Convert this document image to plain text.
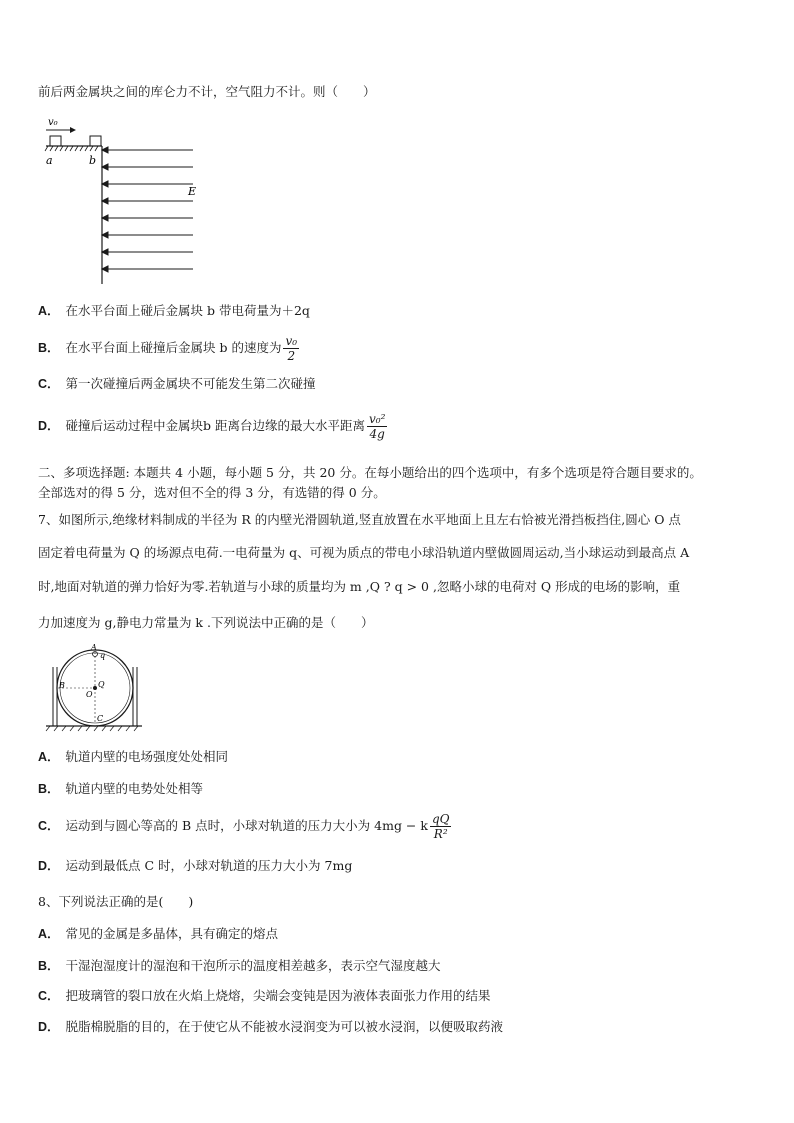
前后两金属块之间的库仑力不计，空气阻力不计。则（　　）
v₀
a	b
E
A． 在水平台面上碰后金属块 b 带电荷量为＋2q
B． 在水平台面上碰撞后金属块 b 的速度为 $\frac{\text{v₀}}{2}$
C． 第一次碰撞后两金属块不可能发生第二次碰撞
D． 碰撞后运动过程中金属块b 距离台边缘的最大水平距离 $\frac{\text{v₀²}}{4g}$
二、多项选择题: 本题共 4 小题，每小题 5 分，共 20 分。在每小题给出的四个选项中，有多个选项是符合题目要求的。
全部选对的得 5 分，选对但不全的得 3 分，有选错的得 0 分。
7、如图所示,绝缘材料制成的半径为 R 的内壁光滑圆轨道,竖直放置在水平地面上且左右恰被光滑挡板挡住,圆心 O 点
固定着电荷量为 Q 的场源点电荷.一电荷量为 q、可视为质点的带电小球沿轨道内壁做圆周运动,当小球运动到最高点 A
时,地面对轨道的弹力恰好为零.若轨道与小球的质量均为 m ,Q ? q > 0 ,忽略小球的电荷对 Q 形成的电场的影响，重
力加速度为 g,静电力常量为 k .下列说法中正确的是（　　）
A
q
B	Q
O
C
A． 轨道内壁的电场强度处处相同
B． 轨道内壁的电势处处相等
C． 运动到与圆心等高的 B 点时，小球对轨道的压力大小为 4mg − k $\frac{qQ}{\text{R²}}$
D． 运动到最低点 C 时，小球对轨道的压力大小为 7mg
8、下列说法正确的是(　　)
A． 常见的金属是多晶体，具有确定的熔点
B． 干湿泡湿度计的湿泡和干泡所示的温度相差越多，表示空气湿度越大
C． 把玻璃管的裂口放在火焰上烧熔，尖端会变钝是因为液体表面张力作用的结果
D． 脱脂棉脱脂的目的，在于使它从不能被水浸润变为可以被水浸润，以便吸取药液
